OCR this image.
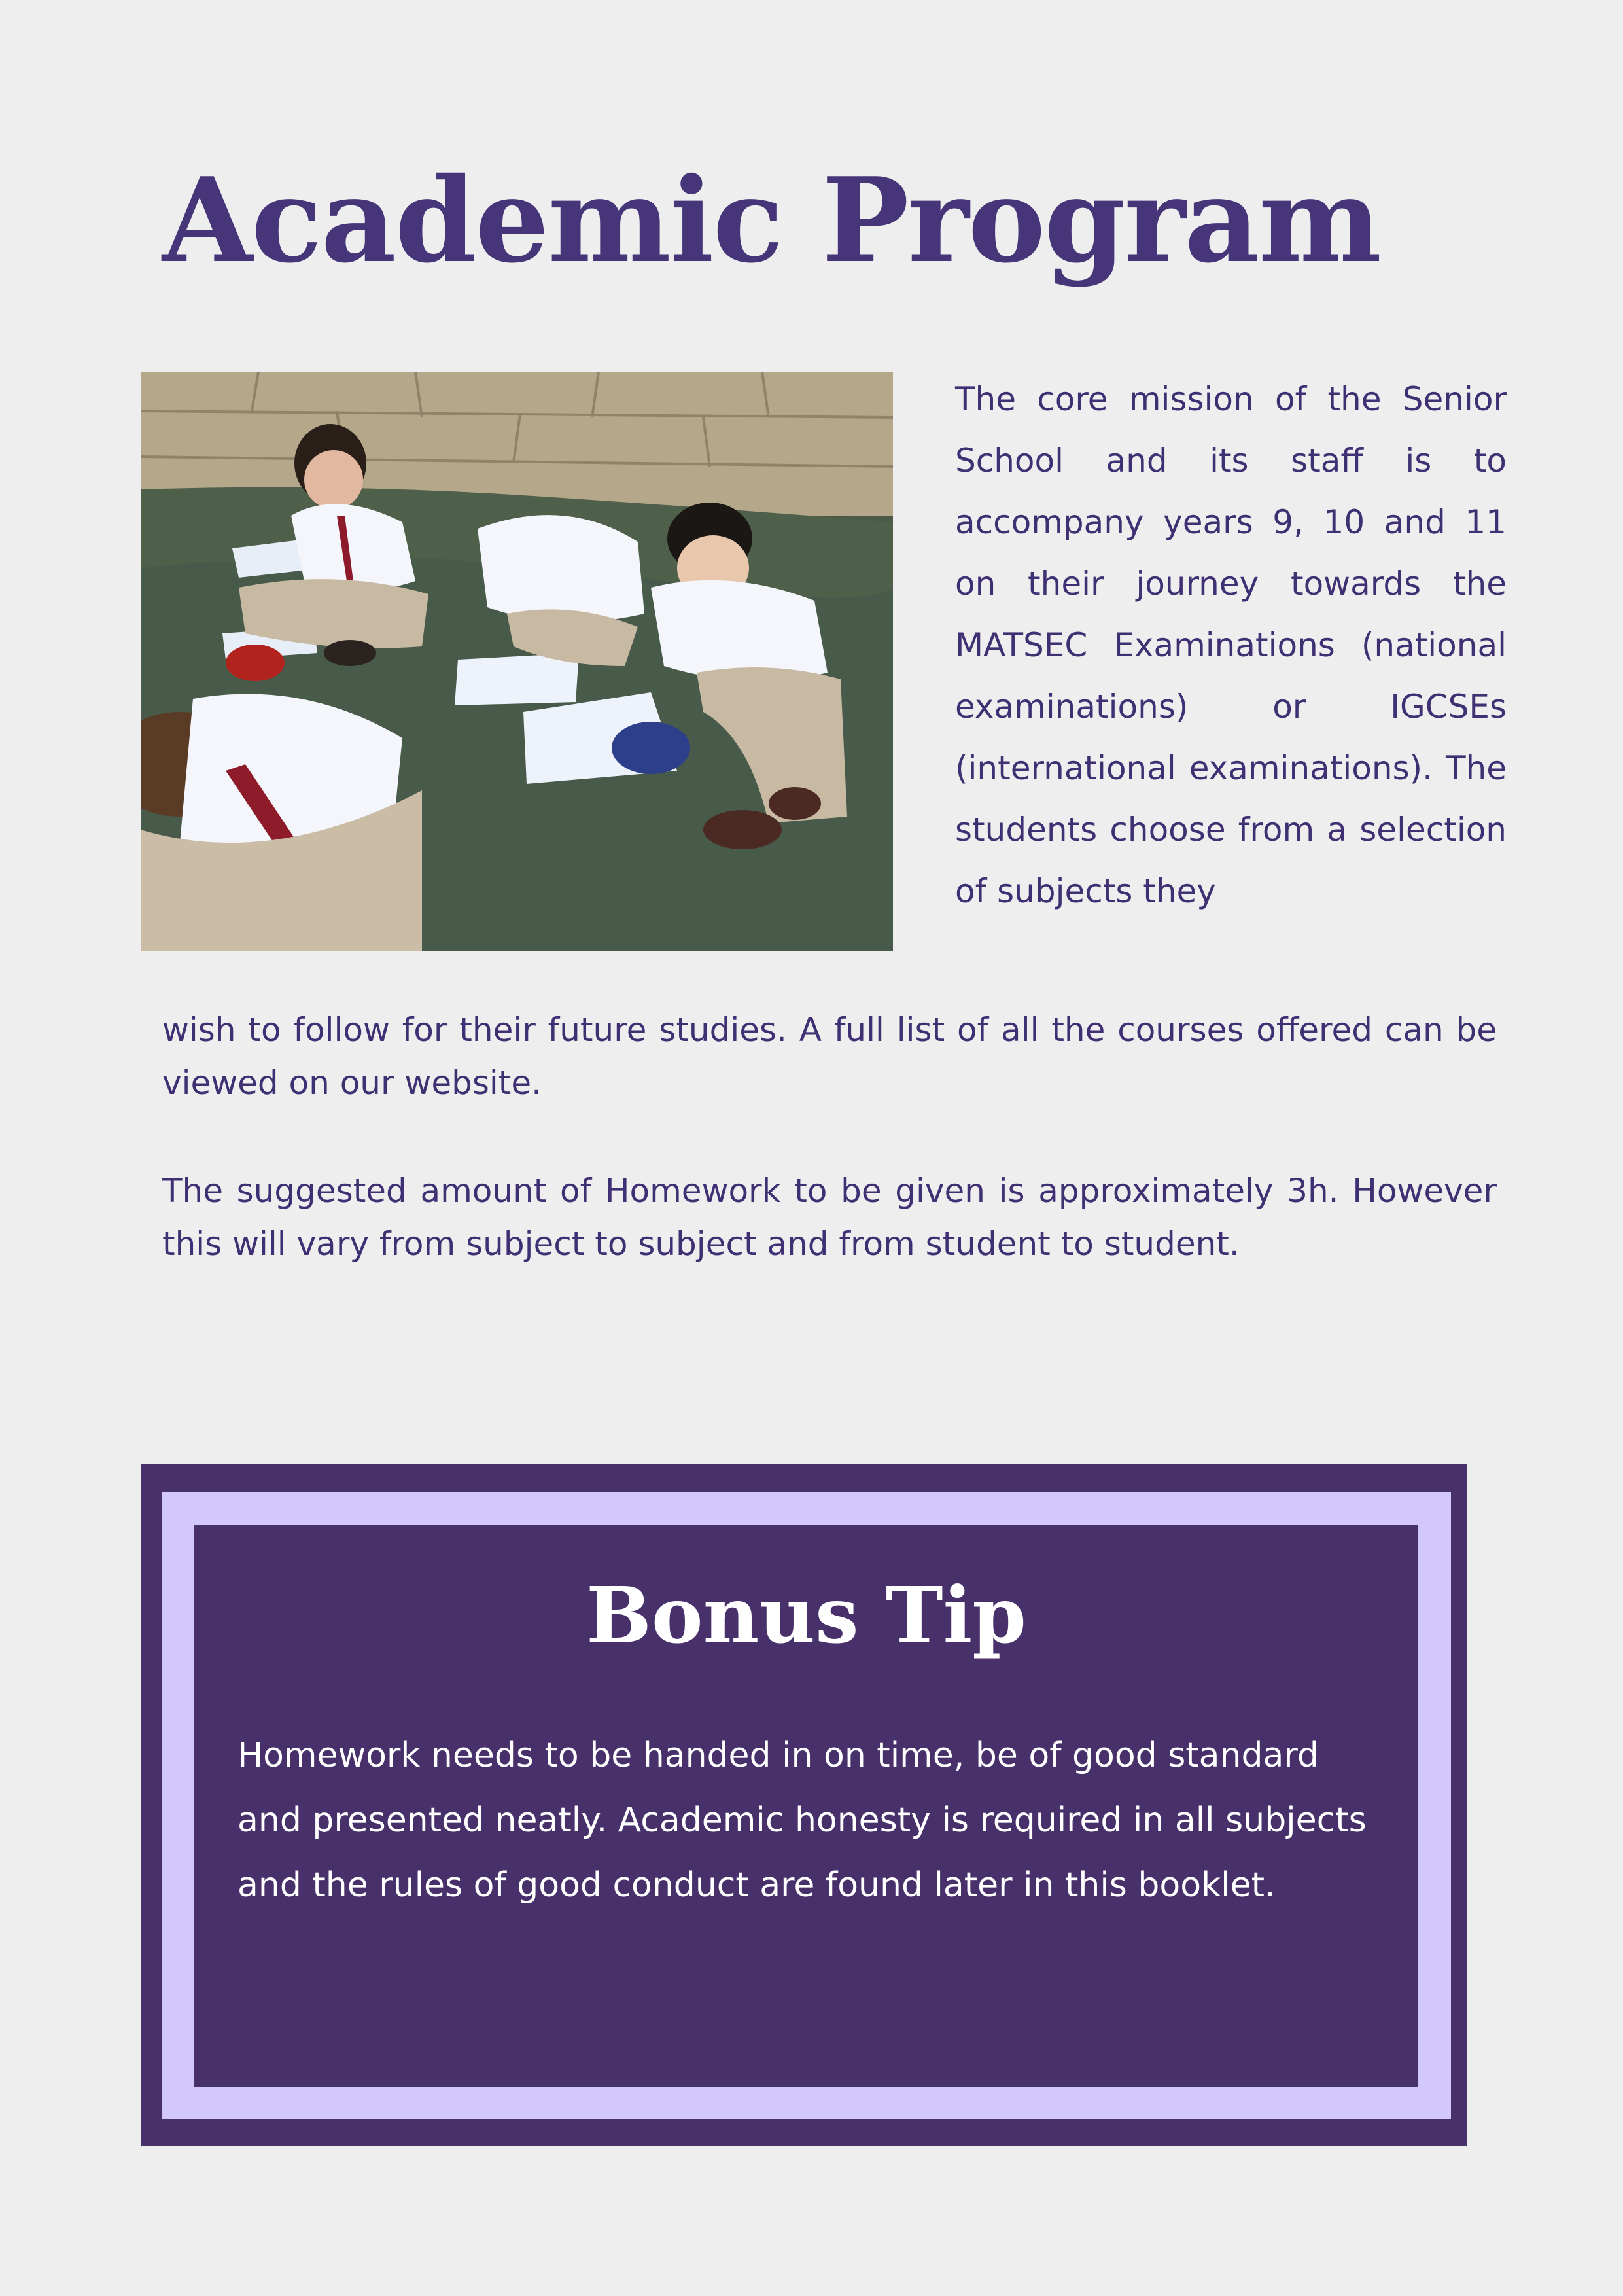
Academic Program

The core mission of the Senior School and its staff is to accompany years 9, 10 and 11 on their journey towards the MATSEC Examinations (national examinations) or IGCSEs (international examinations). The students choose from a selection of subjects they

wish to follow for their future studies. A full list of all the courses offered can be viewed on our website.

The suggested amount of Homework to be given is approximately 3h. However this will vary from subject to subject and from student to student.

Bonus Tip

Homework needs to be handed in on time, be of good standard and presented neatly. Academic honesty is required in all subjects and the rules of good conduct are found later in this booklet.
